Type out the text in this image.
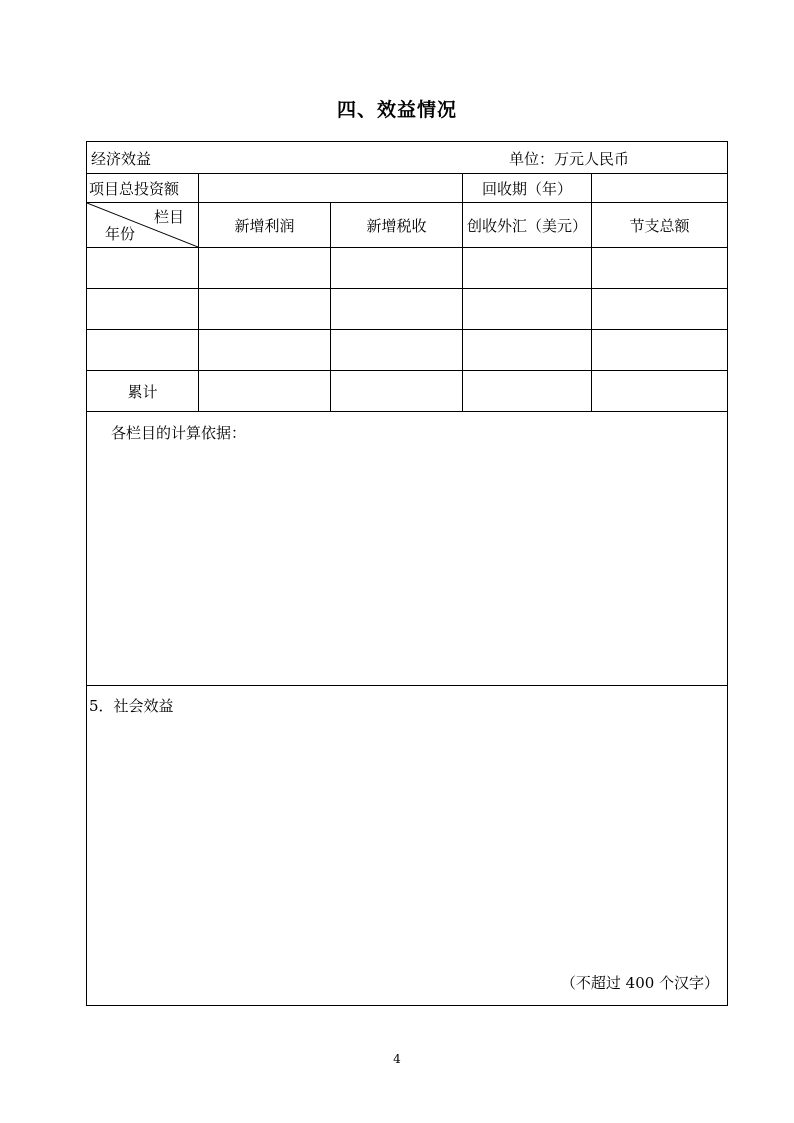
四、效益情况
经济效益 单位：万元人民币				

项目总投资额			回收期（年）	

栏目
年份	新增利润	新增税收	创收外汇（美元）	节支总额

累计				

各栏目的计算依据：				

5．社会效益
（不超过 400 个汉字）				
4
